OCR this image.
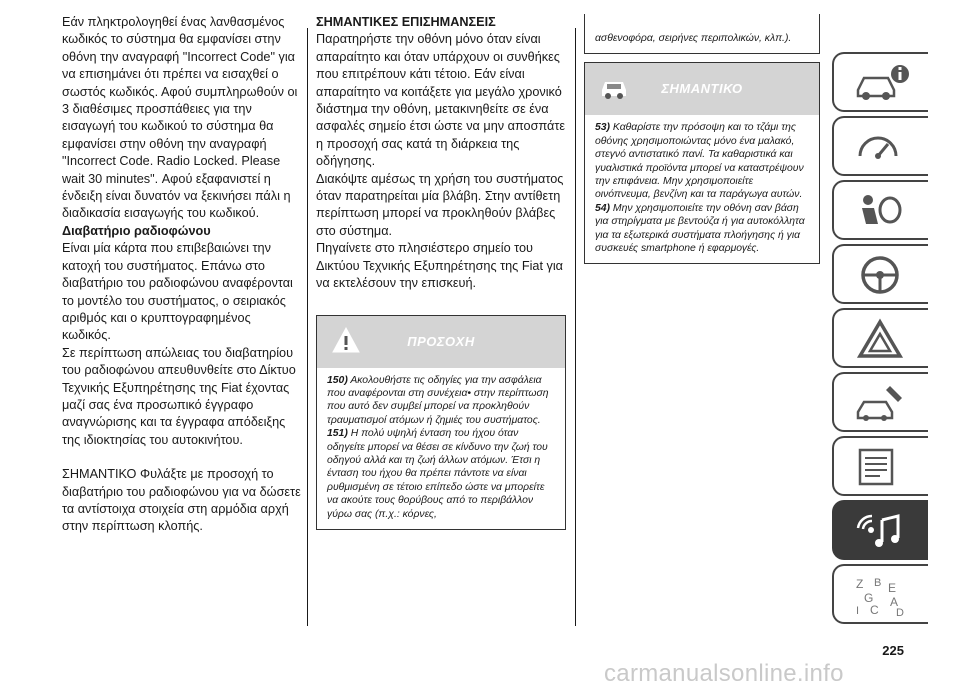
Εάν πληκτρολογηθεί ένας λανθασμένος κωδικός το σύστημα θα εμφανίσει στην οθόνη την αναγραφή "Incorrect Code" για να επισημάνει ότι πρέπει να εισαχθεί ο σωστός κωδικός. Αφού συμπληρωθούν οι 3 διαθέσιμες προσπάθειες για την εισαγωγή του κωδικού το σύστημα θα εμφανίσει στην οθόνη την αναγραφή "Incorrect Code. Radio Locked. Please wait 30 minutes". Αφού εξαφανιστεί η ένδειξη είναι δυνατόν να ξεκινήσει πάλι η διαδικασία εισαγωγής του κωδικού.

Διαβατήριο ραδιοφώνου

Είναι μία κάρτα που επιβεβαιώνει την κατοχή του συστήματος. Επάνω στο διαβατήριο του ραδιοφώνου αναφέρονται το μοντέλο του συστήματος, ο σειριακός αριθμός και ο κρυπτογραφημένος κωδικός.

Σε περίπτωση απώλειας του διαβατηρίου του ραδιοφώνου απευθυνθείτε στο Δίκτυο Τεχνικής Εξυπηρέτησης της Fiat έχοντας μαζί σας ένα προσωπικό έγγραφο αναγνώρισης και τα έγγραφα απόδειξης της ιδιοκτησίας του αυτοκινήτου.

ΣΗΜΑΝΤΙΚΟ Φυλάξτε με προσοχή το διαβατήριο του ραδιοφώνου για να δώσετε τα αντίστοιχα στοιχεία στη αρμόδια αρχή στην περίπτωση κλοπής.

ΣΗΜΑΝΤΙΚΕΣ ΕΠΙΣΗΜΑΝΣΕΙΣ

Παρατηρήστε την οθόνη μόνο όταν είναι απαραίτητο και όταν υπάρχουν οι συνθήκες που επιτρέπουν κάτι τέτοιο. Εάν είναι απαραίτητο να κοιτάξετε για μεγάλο χρονικό διάστημα την οθόνη, μετακινηθείτε σε ένα ασφαλές σημείο έτσι ώστε να μην αποσπάτε η προσοχή σας κατά τη διάρκεια της οδήγησης.

Διακόψτε αμέσως τη χρήση του συστήματος όταν παρατηρείται μία βλάβη. Στην αντίθετη περίπτωση μπορεί να προκληθούν βλάβες στο σύστημα.

Πηγαίνετε στο πλησιέστερο σημείο του Δικτύου Τεχνικής Εξυπηρέτησης της Fiat για να εκτελέσουν την επισκευή.

ΠΡΟΣΟΧΗ

150) Ακολουθήστε τις οδηγίες για την ασφάλεια που αναφέρονται στη συνέχεια• στην περίπτωση που αυτό δεν συμβεί μπορεί να προκληθούν τραυματισμοί ατόμων ή ζημιές του συστήματος.

151) Η πολύ υψηλή ένταση του ήχου όταν οδηγείτε μπορεί να θέσει σε κίνδυνο την ζωή του οδηγού αλλά και τη ζωή άλλων ατόμων. Έτσι η ένταση του ήχου θα πρέπει πάντοτε να είναι ρυθμισμένη σε τέτοιο επίπεδο ώστε να μπορείτε να ακούτε τους θορύβους από το περιβάλλον γύρω σας (π.χ.: κόρνες,

ασθενοφόρα, σειρήνες περιπολικών, κλπ.).
ΣΗΜΑΝΤΙΚΟ

53) Καθαρίστε την πρόσοψη και το τζάμι της οθόνης χρησιμοποιώντας μόνο ένα μαλακό, στεγνό αντιστατικό πανί. Τα καθαριστικά και γυαλιστικά προϊόντα μπορεί να καταστρέψουν την επιφάνεια. Μην χρησιμοποιείτε οινόπνευμα, βενζίνη και τα παράγωγα αυτών.

54) Μην χρησιμοποιείτε την οθόνη σαν βάση για στηρίγματα με βεντούζα ή για αυτοκόλλητα για τα εξωτερικά συστήματα πλοήγησης ή για συσκευές smartphone ή εφαρμογές.

Z B E
G A
I C D
225
carmanualsonline.info
